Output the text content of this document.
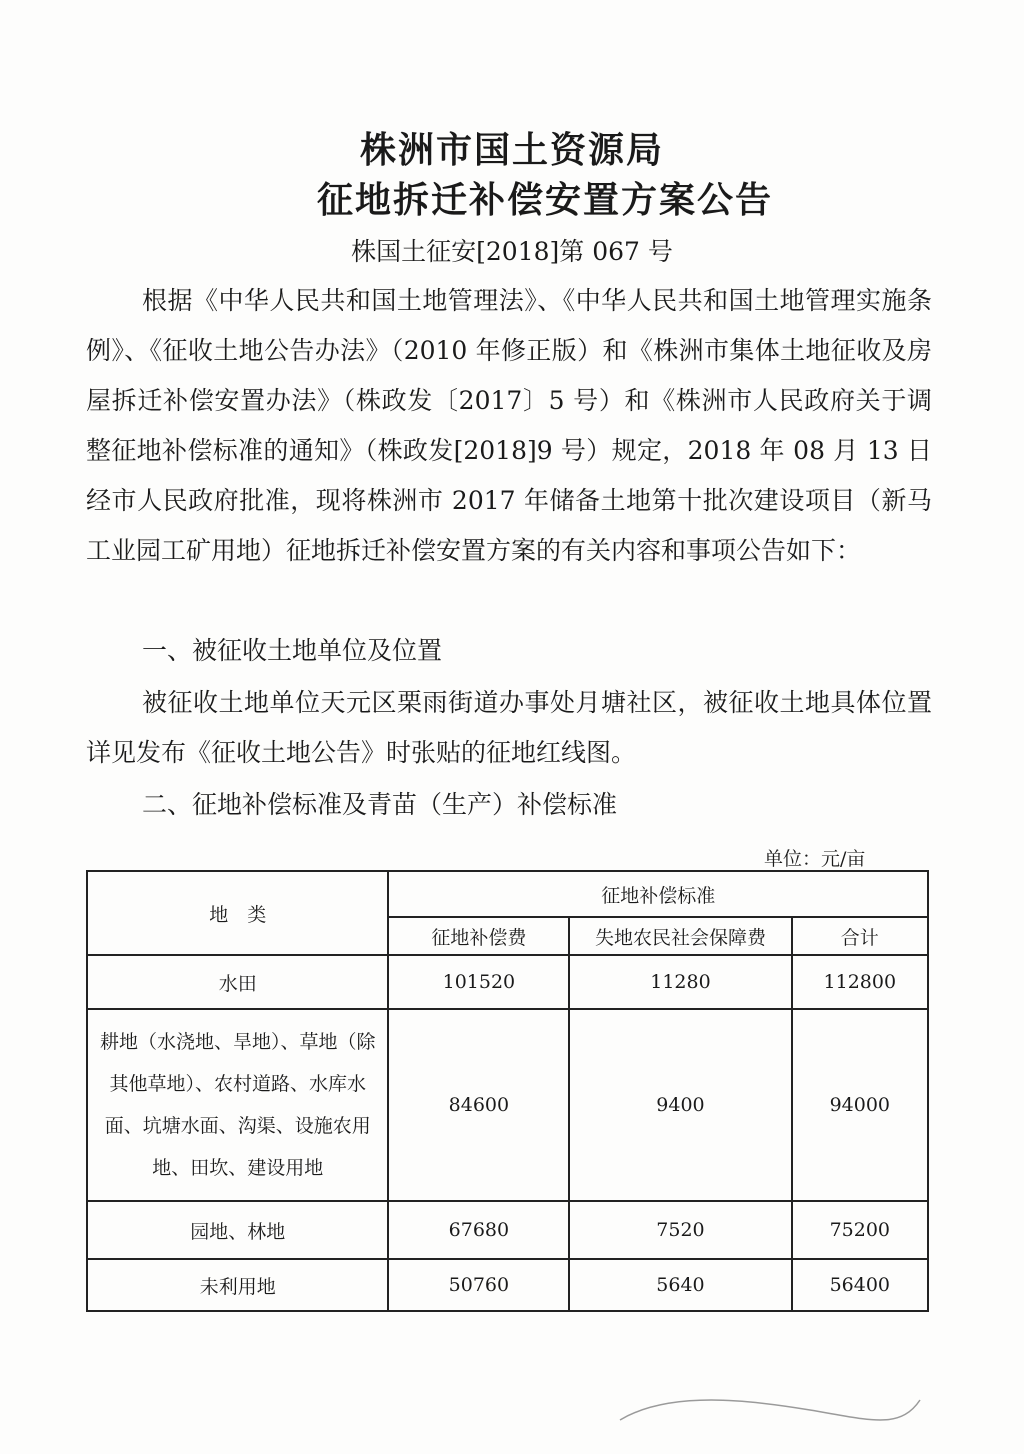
株洲市国土资源局
征地拆迁补偿安置方案公告
株国土征安[2018]第 067 号

根据《中华人民共和国土地管理法》、《中华人民共和国土地管理实施条例》、《征收土地公告办法》（2010 年修正版）和《株洲市集体土地征收及房屋拆迁补偿安置办法》（株政发〔2017〕5 号）和《株洲市人民政府关于调整征地补偿标准的通知》（株政发[2018]9 号）规定，2018 年 08 月 13 日经市人民政府批准，现将株洲市 2017 年储备土地第十批次建设项目（新马工业园工矿用地）征地拆迁补偿安置方案的有关内容和事项公告如下：

一、被征收土地单位及位置

被征收土地单位天元区栗雨街道办事处月塘社区，被征收土地具体位置详见发布《征收土地公告》时张贴的征地红线图。

二、征地补偿标准及青苗（生产）补偿标准

单位：元/亩
地　类	征地补偿标准		
	征地补偿费	失地农民社会保障费	合计
水田	101520	11280	112800
耕地（水浇地、旱地）、草地（除其他草地）、农村道路、水库水面、坑塘水面、沟渠、设施农用地、田坎、建设用地	84600	9400	94000
园地、林地	67680	7520	75200
未利用地	50760	5640	56400
